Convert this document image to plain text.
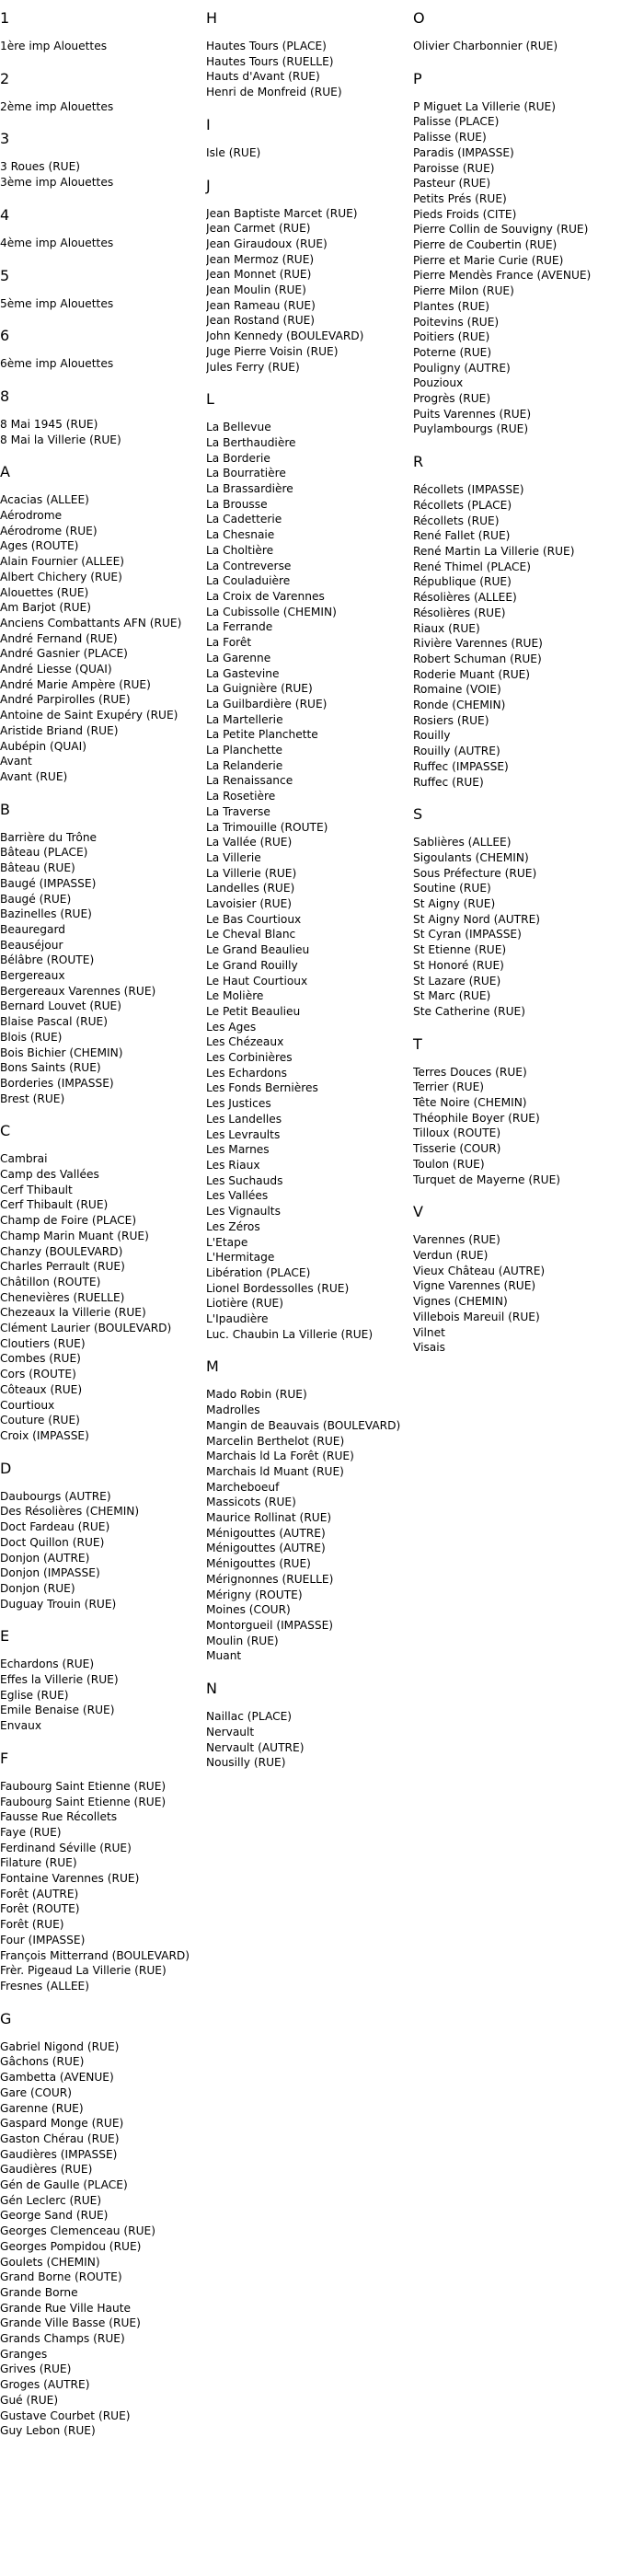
1
1ère imp Alouettes
2
2ème imp Alouettes
3
3 Roues (RUE)
3ème imp Alouettes
4
4ème imp Alouettes
5
5ème imp Alouettes
6
6ème imp Alouettes
8
8 Mai 1945 (RUE)
8 Mai la Villerie (RUE)
A
Acacias (ALLEE)
Aérodrome
Aérodrome (RUE)
Ages (ROUTE)
Alain Fournier (ALLEE)
Albert Chichery (RUE)
Alouettes (RUE)
Am Barjot (RUE)
Anciens Combattants AFN (RUE)
André Fernand (RUE)
André Gasnier (PLACE)
André Liesse (QUAI)
André Marie Ampère (RUE)
André Parpirolles (RUE)
Antoine de Saint Exupéry (RUE)
Aristide Briand (RUE)
Aubépin (QUAI)
Avant
Avant (RUE)
B
Barrière du Trône
Bâteau (PLACE)
Bâteau (RUE)
Baugé (IMPASSE)
Baugé (RUE)
Bazinelles (RUE)
Beauregard
Beauséjour
Bélâbre (ROUTE)
Bergereaux
Bergereaux Varennes (RUE)
Bernard Louvet (RUE)
Blaise Pascal (RUE)
Blois (RUE)
Bois Bichier (CHEMIN)
Bons Saints (RUE)
Borderies (IMPASSE)
Brest (RUE)
C
Cambrai
Camp des Vallées
Cerf Thibault
Cerf Thibault (RUE)
Champ de Foire (PLACE)
Champ Marin Muant (RUE)
Chanzy (BOULEVARD)
Charles Perrault (RUE)
Châtillon (ROUTE)
Chenevières (RUELLE)
Chezeaux la Villerie (RUE)
Clément Laurier (BOULEVARD)
Cloutiers (RUE)
Combes (RUE)
Cors (ROUTE)
Côteaux (RUE)
Courtioux
Couture (RUE)
Croix (IMPASSE)
D
Daubourgs (AUTRE)
Des Résolières (CHEMIN)
Doct Fardeau (RUE)
Doct Quillon (RUE)
Donjon (AUTRE)
Donjon (IMPASSE)
Donjon (RUE)
Duguay Trouin (RUE)
E
Echardons (RUE)
Effes la Villerie (RUE)
Eglise (RUE)
Emile Benaise (RUE)
Envaux
F
Faubourg Saint Etienne (RUE)
Faubourg Saint Etienne (RUE)
Fausse Rue Récollets
Faye (RUE)
Ferdinand Séville (RUE)
Filature (RUE)
Fontaine Varennes (RUE)
Forêt (AUTRE)
Forêt (ROUTE)
Forêt (RUE)
Four (IMPASSE)
François Mitterrand (BOULEVARD)
Frèr. Pigeaud La Villerie (RUE)
Fresnes (ALLEE)
G
Gabriel Nigond (RUE)
Gâchons (RUE)
Gambetta (AVENUE)
Gare (COUR)
Garenne (RUE)
Gaspard Monge (RUE)
Gaston Chérau (RUE)
Gaudières (IMPASSE)
Gaudières (RUE)
Gén de Gaulle (PLACE)
Gén Leclerc (RUE)
George Sand (RUE)
Georges Clemenceau (RUE)
Georges Pompidou (RUE)
Goulets (CHEMIN)
Grand Borne (ROUTE)
Grande Borne
Grande Rue Ville Haute
Grande Ville Basse (RUE)
Grands Champs (RUE)
Granges
Grives (RUE)
Groges (AUTRE)
Gué (RUE)
Gustave Courbet (RUE)
Guy Lebon (RUE)
H
Hautes Tours (PLACE)
Hautes Tours (RUELLE)
Hauts d'Avant (RUE)
Henri de Monfreid (RUE)
I
Isle (RUE)
J
Jean Baptiste Marcet (RUE)
Jean Carmet (RUE)
Jean Giraudoux (RUE)
Jean Mermoz (RUE)
Jean Monnet (RUE)
Jean Moulin (RUE)
Jean Rameau (RUE)
Jean Rostand (RUE)
John Kennedy (BOULEVARD)
Juge Pierre Voisin (RUE)
Jules Ferry (RUE)
L
La Bellevue
La Berthaudière
La Borderie
La Bourratière
La Brassardière
La Brousse
La Cadetterie
La Chesnaie
La Choltière
La Contreverse
La Couladuière
La Croix de Varennes
La Cubissolle (CHEMIN)
La Ferrande
La Forêt
La Garenne
La Gastevine
La Guignière (RUE)
La Guilbardière (RUE)
La Martellerie
La Petite Planchette
La Planchette
La Relanderie
La Renaissance
La Rosetière
La Traverse
La Trimouille (ROUTE)
La Vallée (RUE)
La Villerie
La Villerie (RUE)
Landelles (RUE)
Lavoisier (RUE)
Le Bas Courtioux
Le Cheval Blanc
Le Grand Beaulieu
Le Grand Rouilly
Le Haut Courtioux
Le Molière
Le Petit Beaulieu
Les Ages
Les Chézeaux
Les Corbinières
Les Echardons
Les Fonds Bernières
Les Justices
Les Landelles
Les Levraults
Les Marnes
Les Riaux
Les Suchauds
Les Vallées
Les Vignaults
Les Zéros
L'Etape
L'Hermitage
Libération (PLACE)
Lionel Bordessolles (RUE)
Liotière (RUE)
L'Ipaudière
Luc. Chaubin La Villerie (RUE)
M
Mado Robin (RUE)
Madrolles
Mangin de Beauvais (BOULEVARD)
Marcelin Berthelot (RUE)
Marchais ld La Forêt (RUE)
Marchais ld Muant (RUE)
Marcheboeuf
Massicots (RUE)
Maurice Rollinat (RUE)
Ménigouttes (AUTRE)
Ménigouttes (AUTRE)
Ménigouttes (RUE)
Mérignonnes (RUELLE)
Mérigny (ROUTE)
Moines (COUR)
Montorgueil (IMPASSE)
Moulin (RUE)
Muant
N
Naillac (PLACE)
Nervault
Nervault (AUTRE)
Nousilly (RUE)
O
Olivier Charbonnier (RUE)
P
P Miguet La Villerie (RUE)
Palisse (PLACE)
Palisse (RUE)
Paradis (IMPASSE)
Paroisse (RUE)
Pasteur (RUE)
Petits Prés (RUE)
Pieds Froids (CITE)
Pierre Collin de Souvigny (RUE)
Pierre de Coubertin (RUE)
Pierre et Marie Curie (RUE)
Pierre Mendès France (AVENUE)
Pierre Milon (RUE)
Plantes (RUE)
Poitevins (RUE)
Poitiers (RUE)
Poterne (RUE)
Pouligny (AUTRE)
Pouzioux
Progrès (RUE)
Puits Varennes (RUE)
Puylambourgs (RUE)
R
Récollets (IMPASSE)
Récollets (PLACE)
Récollets (RUE)
René Fallet (RUE)
René Martin La Villerie (RUE)
René Thimel (PLACE)
République (RUE)
Résolières (ALLEE)
Résolières (RUE)
Riaux (RUE)
Rivière Varennes (RUE)
Robert Schuman (RUE)
Roderie Muant (RUE)
Romaine (VOIE)
Ronde (CHEMIN)
Rosiers (RUE)
Rouilly
Rouilly (AUTRE)
Ruffec (IMPASSE)
Ruffec (RUE)
S
Sablières (ALLEE)
Sigoulants (CHEMIN)
Sous Préfecture (RUE)
Soutine (RUE)
St Aigny (RUE)
St Aigny Nord (AUTRE)
St Cyran (IMPASSE)
St Etienne (RUE)
St Honoré (RUE)
St Lazare (RUE)
St Marc (RUE)
Ste Catherine (RUE)
T
Terres Douces (RUE)
Terrier (RUE)
Tête Noire (CHEMIN)
Théophile Boyer (RUE)
Tilloux (ROUTE)
Tisserie (COUR)
Toulon (RUE)
Turquet de Mayerne (RUE)
V
Varennes (RUE)
Verdun (RUE)
Vieux Château (AUTRE)
Vigne Varennes (RUE)
Vignes (CHEMIN)
Villebois Mareuil (RUE)
Vilnet
Visais
